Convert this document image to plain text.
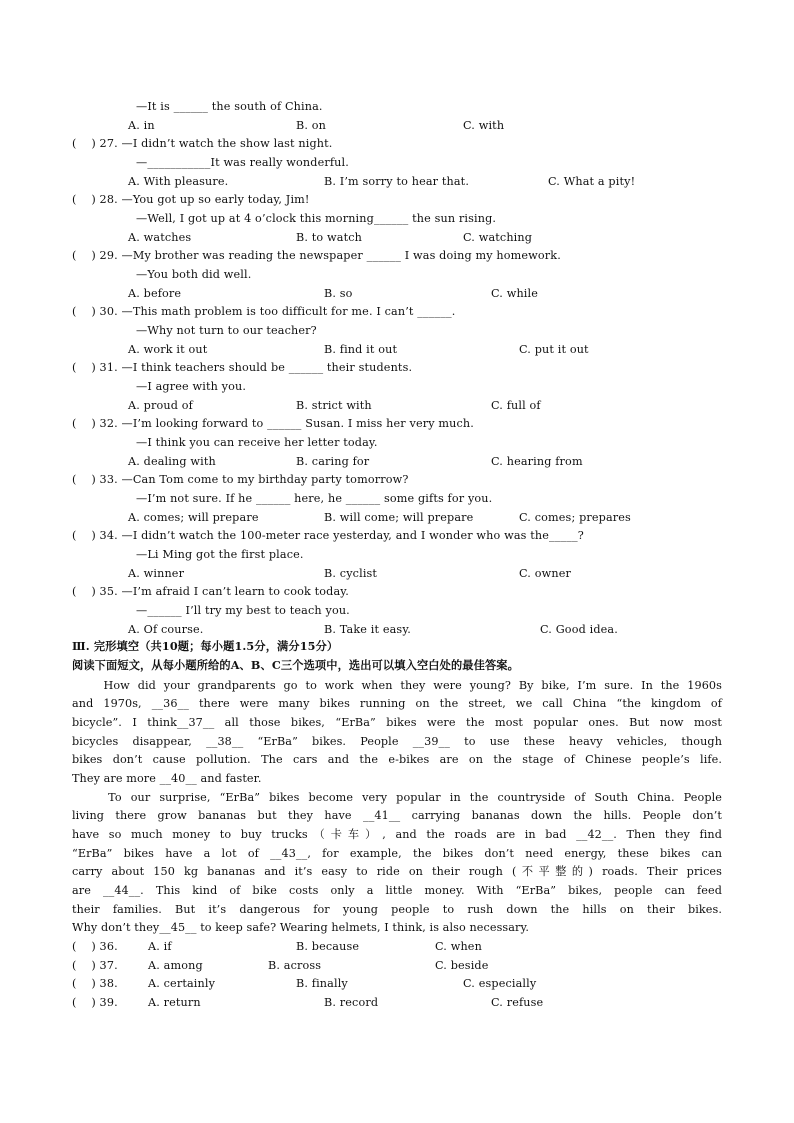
—It is ______ the south of China.
A. in	B. on	C. with
(    ) 27. —I didn’t watch the show last night.
—___________It was really wonderful.
A. With pleasure.	B. I’m sorry to hear that.	C. What a pity!
(    ) 28. —You got up so early today, Jim!
—Well, I got up at 4 o’clock this morning______ the sun rising.
A. watches	B. to watch	C. watching
(    ) 29. —My brother was reading the newspaper ______ I was doing my homework.
—You both did well.
A. before	B. so	C. while
(    ) 30. —This math problem is too difficult for me. I can’t ______.
—Why not turn to our teacher?
A. work it out	B. find it out	C. put it out
(    ) 31. —I think teachers should be ______ their students.
—I agree with you.
A. proud of	B. strict with	C. full of
(    ) 32. —I’m looking forward to ______ Susan. I miss her very much.
—I think you can receive her letter today.
A. dealing with	B. caring for	C. hearing from
(    ) 33. —Can Tom come to my birthday party tomorrow?
—I’m not sure. If he ______ here, he ______ some gifts for you.
A. comes; will prepare	B. will come; will prepare	C. comes; prepares
(    ) 34. —I didn’t watch the 100-meter race yesterday, and I wonder who was the_____?
—Li Ming got the first place.
A. winner	B. cyclist	C. owner
(    ) 35. —I’m afraid I can’t learn to cook today.
—______ I’ll try my best to teach you.
A. Of course.	B. Take it easy.	C. Good idea.
Ⅲ. 完形填空（共10题；每小题1.5分，满分15分）
阅读下面短文，从每小题所给的A、B、C三个选项中，选出可以填入空白处的最佳答案。
How did your grandparents go to work when they were young? By bike, I’m sure. In the 1960s
and 1970s, __36__ there were many bikes running on the street, we call China “the kingdom of
bicycle”. I think__37__ all those bikes, “ErBa” bikes were the most popular ones. But now most
bicycles disappear, __38__ “ErBa” bikes. People __39__ to use these heavy vehicles, though
bikes don’t cause pollution. The cars and the e-bikes are on the stage of Chinese people’s life.
They are more __40__ and faster.
To our surprise, “ErBa” bikes become very popular in the countryside of South China. People
living there grow bananas but they have __41__ carrying bananas down the hills. People don’t
have so much money to buy trucks（卡车）, and the roads are in bad __42__. Then they find
“ErBa” bikes have a lot of __43__, for example, the bikes don’t need energy, these bikes can
carry about 150 kg bananas and it’s easy to ride on their rough (不平整的) roads. Their prices
are __44__. This kind of bike costs only a little money. With “ErBa” bikes, people can feed
their families. But it’s dangerous for young people to rush down the hills on their bikes.
Why don’t they__45__ to keep safe? Wearing helmets, I think, is also necessary.
(    ) 36.	A. if	B. because	C. when
(    ) 37.	A. among	B. across	C. beside
(    ) 38.	A. certainly	B. finally	C. especially
(    ) 39.	A. return	B. record	C. refuse
